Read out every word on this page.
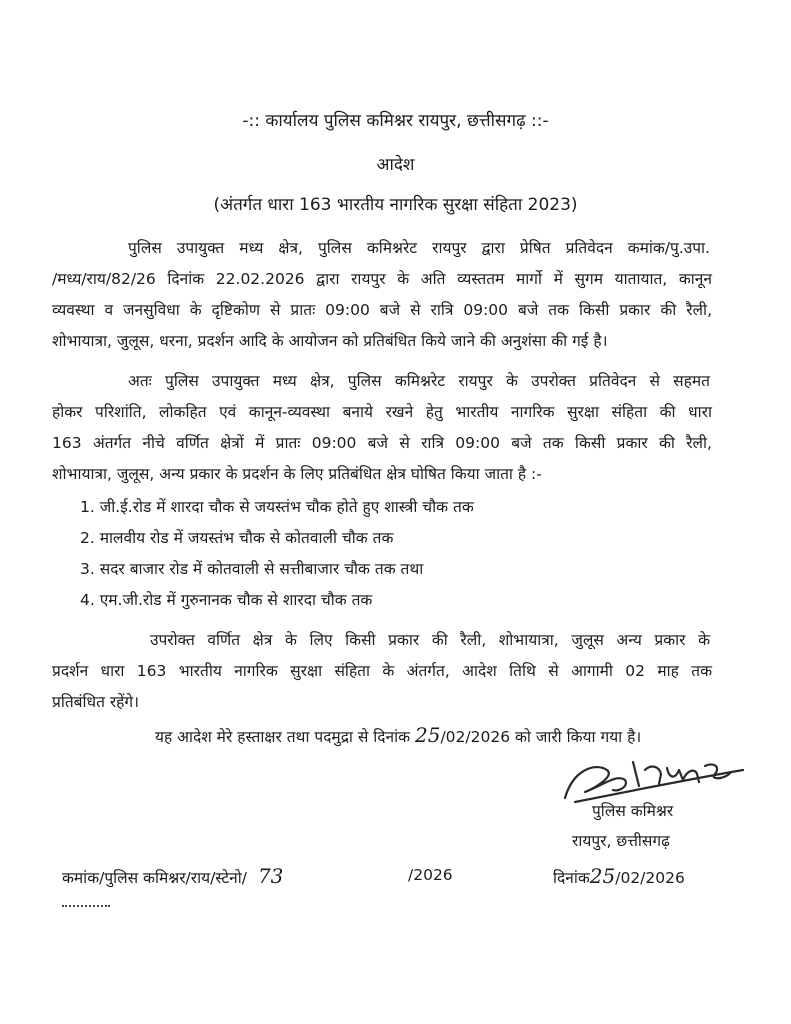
-:: कार्यालय पुलिस कमिश्नर रायपुर, छत्तीसगढ़ ::-
आदेश
(अंतर्गत धारा 163 भारतीय नागरिक सुरक्षा संहिता 2023)
पुलिस उपायुक्त मध्य क्षेत्र, पुलिस कमिश्नरेट रायपुर द्वारा प्रेषित प्रतिवेदन कमांक/पु.उपा.
/मध्य/राय/82/26 दिनांक 22.02.2026 द्वारा रायपुर के अति व्यस्ततम मार्गो में सुगम यातायात, कानून
व्यवस्था व जनसुविधा के दृष्टिकोण से प्रातः 09:00 बजे से रात्रि 09:00 बजे तक किसी प्रकार की रैली,
शोभायात्रा, जुलूस, धरना, प्रदर्शन आदि के आयोजन को प्रतिबंधित किये जाने की अनुशंसा की गई है।
अतः पुलिस उपायुक्त मध्य क्षेत्र, पुलिस कमिश्नरेट रायपुर के उपरोक्त प्रतिवेदन से सहमत
होकर परिशांति, लोकहित एवं कानून-व्यवस्था बनाये रखने हेतु भारतीय नागरिक सुरक्षा संहिता की धारा
163 अंतर्गत नीचे वर्णित क्षेत्रों में प्रातः 09:00 बजे से रात्रि 09:00 बजे तक किसी प्रकार की रैली,
शोभायात्रा, जुलूस, अन्य प्रकार के प्रदर्शन के लिए प्रतिबंधित क्षेत्र घोषित किया जाता है :-
1. जी.ई.रोड में शारदा चौक से जयस्तंभ चौक होते हुए शास्त्री चौक तक
2. मालवीय रोड में जयस्तंभ चौक से कोतवाली चौक तक
3. सदर बाजार रोड में कोतवाली से सत्तीबाजार चौक तक तथा
4. एम.जी.रोड में गुरुनानक चौक से शारदा चौक तक
उपरोक्त वर्णित क्षेत्र के लिए किसी प्रकार की रैली, शोभायात्रा, जुलूस अन्य प्रकार के
प्रदर्शन धारा 163 भारतीय नागरिक सुरक्षा संहिता के अंतर्गत, आदेश तिथि से आगामी 02 माह तक
प्रतिबंधित रहेंगे।
यह आदेश मेरे हस्ताक्षर तथा पदमुद्रा से दिनांक 25/02/2026 को जारी किया गया है।
पुलिस कमिश्नर
रायपुर, छत्तीसगढ़
कमांक/पुलिस कमिश्नर/राय/स्टेनो/ 73	/2026	दिनांक25/02/2026
